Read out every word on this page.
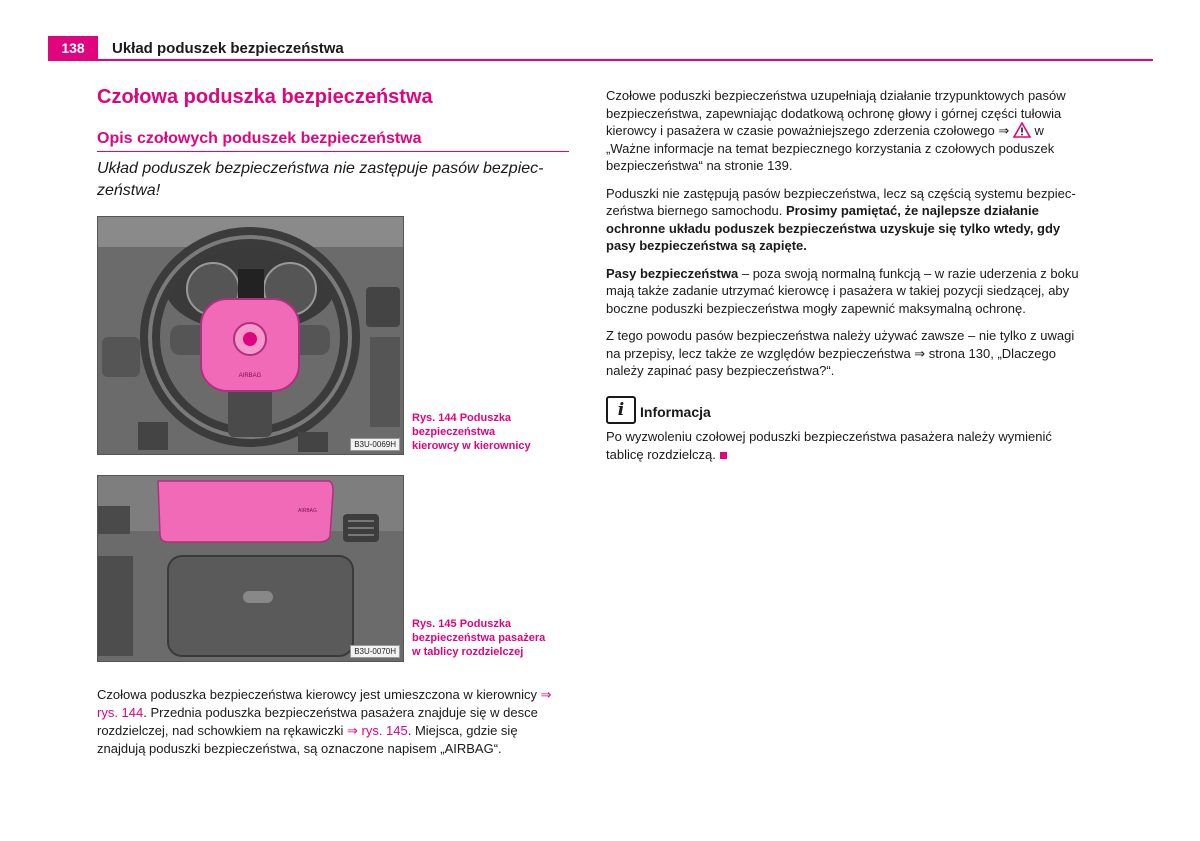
138	Układ poduszek bezpieczeństwa
Czołowa poduszka bezpieczeństwa
Opis czołowych poduszek bezpieczeństwa
Układ poduszek bezpieczeństwa nie zastępuje pasów bezpiec-zeństwa!
AIRBAG
B3U-0069H
Rys. 144 Poduszka
bezpieczeństwa
kierowcy w kierownicy
AIRBAG
B3U-0070H
Rys. 145 Poduszka
bezpieczeństwa pasażera
w tablicy rozdzielczej
Czołowa poduszka bezpieczeństwa kierowcy jest umieszczona w kierownicy ⇒ rys. 144. Przednia poduszka bezpieczeństwa pasażera znajduje się w desce rozdzielczej, nad schowkiem na rękawiczki ⇒ rys. 145. Miejsca, gdzie się znajdują poduszki bezpieczeństwa, są oznaczone napisem „AIRBAG“.

Czołowe poduszki bezpieczeństwa uzupełniają działanie trzypunktowych pasów bezpieczeństwa, zapewniając dodatkową ochronę głowy i górnej części tułowia kierowcy i pasażera w czasie poważniejszego zderzenia czołowego ⇒  w „Ważne informacje na temat bezpiecznego korzystania z czołowych poduszek bezpieczeństwa“ na stronie 139.

Poduszki nie zastępują pasów bezpieczeństwa, lecz są częścią systemu bezpiec-zeństwa biernego samochodu. Prosimy pamiętać, że najlepsze działanie ochronne układu poduszek bezpieczeństwa uzyskuje się tylko wtedy, gdy pasy bezpieczeństwa są zapięte.

Pasy bezpieczeństwa – poza swoją normalną funkcją – w razie uderzenia z boku mają także zadanie utrzymać kierowcę i pasażera w takiej pozycji siedzącej, aby boczne poduszki bezpieczeństwa mogły zapewnić maksymalną ochronę.

Z tego powodu pasów bezpieczeństwa należy używać zawsze – nie tylko z uwagi na przepisy, lecz także ze względów bezpieczeństwa ⇒ strona 130, „Dlaczego należy zapinać pasy bezpieczeństwa?“.

i	Informacja
Po wyzwoleniu czołowej poduszki bezpieczeństwa pasażera należy wymienić tablicę rozdzielczą.
